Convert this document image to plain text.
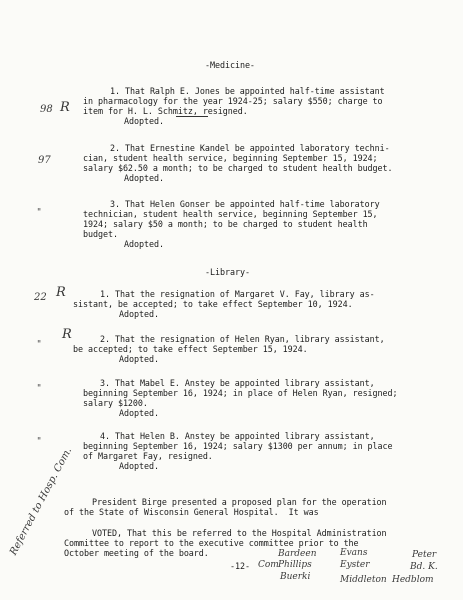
-Medicine-
1. That Ralph E. Jones be appointed half-time assistant
in pharmacology for the year 1924-25; salary $550; charge to
item for H. L. Schmitz, resigned.
Adopted.
2. That Ernestine Kandel be appointed laboratory techni-
cian, student health service, beginning September 15, 1924;
salary $62.50 a month; to be charged to student health budget.
Adopted.
3. That Helen Gonser be appointed half-time laboratory
technician, student health service, beginning September 15,
1924; salary $50 a month; to be charged to student health
budget.
Adopted.
-Library-
1. That the resignation of Margaret V. Fay, library as-
sistant, be accepted; to take effect September 10, 1924.
Adopted.
2. That the resignation of Helen Ryan, library assistant,
be accepted; to take effect September 15, 1924.
Adopted.
3. That Mabel E. Anstey be appointed library assistant,
beginning September 16, 1924; in place of Helen Ryan, resigned;
salary $1200.
Adopted.
4. That Helen B. Anstey be appointed library assistant,
beginning September 16, 1924; salary $1300 per annum; in place
of Margaret Fay, resigned.
Adopted.
President Birge presented a proposed plan for the operation
of the State of Wisconsin General Hospital.  It was
VOTED, That this be referred to the Hospital Administration
Committee to report to the executive committee prior to the
October meeting of the board.
-12-
98 R
97
"
22 R
R
"
"
"
Referred to Hosp. Com.
Com
Bardeen
Phillips
Buerki
Evans
Eyster
Middleton Hedblom
Peter
Bd. K.
